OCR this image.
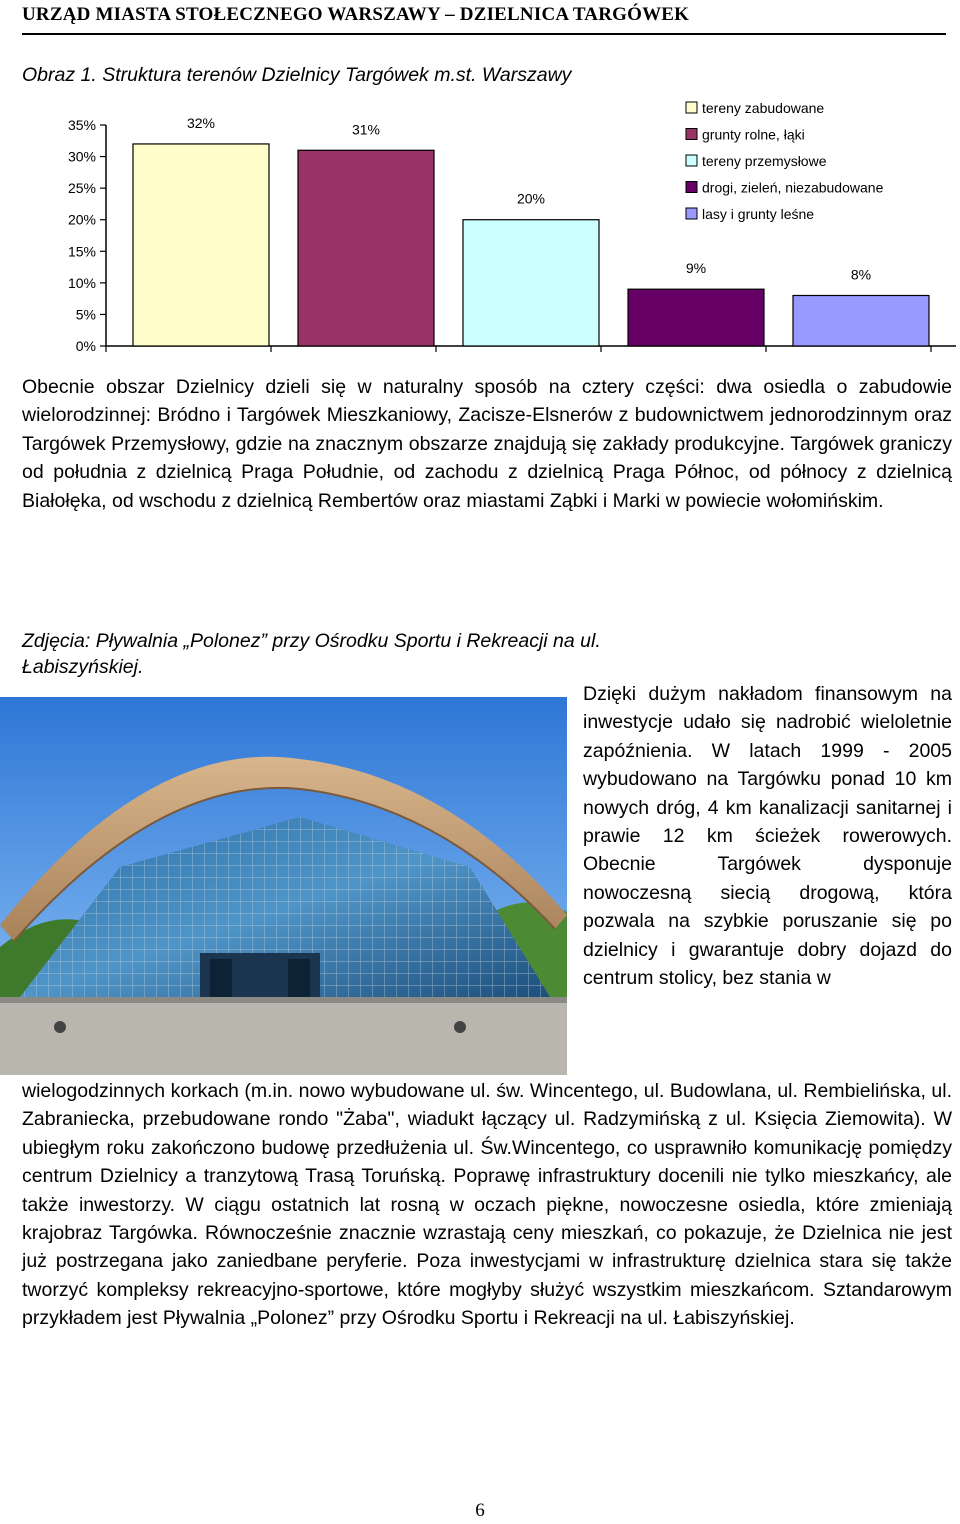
URZĄD MIASTA STOŁECZNEGO WARSZAWY – DZIELNICA TARGÓWEK
Obraz 1. Struktura terenów Dzielnicy Targówek m.st. Warszawy
0%
5%
10%
15%
20%
25%
30%
35%	32%	31%
20%
9%	8%
tereny zabudowane
grunty rolne, łąki
tereny przemysłowe
drogi, zieleń, niezabudowane
lasy i grunty leśne

Obecnie obszar Dzielnicy dzieli się w naturalny sposób na cztery części: dwa osiedla o zabudowie wielorodzinnej: Bródno i Targówek Mieszkaniowy, Zacisze-Elsnerów z budownictwem jednorodzinnym oraz Targówek Przemysłowy, gdzie na znacznym obszarze znajdują się zakłady produkcyjne. Targówek graniczy od południa z dzielnicą Praga Południe, od zachodu z dzielnicą Praga Północ, od północy z dzielnicą Białołęka, od wschodu z dzielnicą Rembertów oraz miastami Ząbki i Marki w powiecie wołomińskim.

Zdjęcia: Pływalnia „Polonez” przy Ośrodku Sportu i Rekreacji na ul. Łabiszyńskiej.

Dzięki dużym nakładom finansowym na inwestycje udało się nadrobić wieloletnie zapóźnienia. W latach 1999 - 2005 wybudowano na Targówku ponad 10 km nowych dróg, 4 km kanalizacji sanitarnej i prawie 12 km ścieżek rowerowych. Obecnie Targówek dysponuje nowoczesną siecią drogową, która pozwala na szybkie poruszanie się po dzielnicy i gwarantuje dobry dojazd do centrum stolicy, bez stania w

wielogodzinnych korkach (m.in. nowo wybudowane ul. św. Wincentego, ul. Budowlana, ul. Rembielińska, ul. Zabraniecka, przebudowane rondo "Żaba", wiadukt łączący ul. Radzymińską z ul. Księcia Ziemowita). W ubiegłym roku zakończono budowę przedłużenia ul. Św.Wincentego, co usprawniło komunikację pomiędzy centrum Dzielnicy a tranzytową Trasą Toruńską. Poprawę infrastruktury docenili nie tylko mieszkańcy, ale także inwestorzy. W ciągu ostatnich lat rosną w oczach piękne, nowoczesne osiedla, które zmieniają krajobraz Targówka. Równocześnie znacznie wzrastają ceny mieszkań, co pokazuje, że Dzielnica nie jest już postrzegana jako zaniedbane peryferie. Poza inwestycjami w infrastrukturę dzielnica stara się także tworzyć kompleksy rekreacyjno-sportowe, które mogłyby służyć wszystkim mieszkańcom. Sztandarowym przykładem jest Pływalnia „Polonez” przy Ośrodku Sportu i Rekreacji na ul. Łabiszyńskiej.

6
